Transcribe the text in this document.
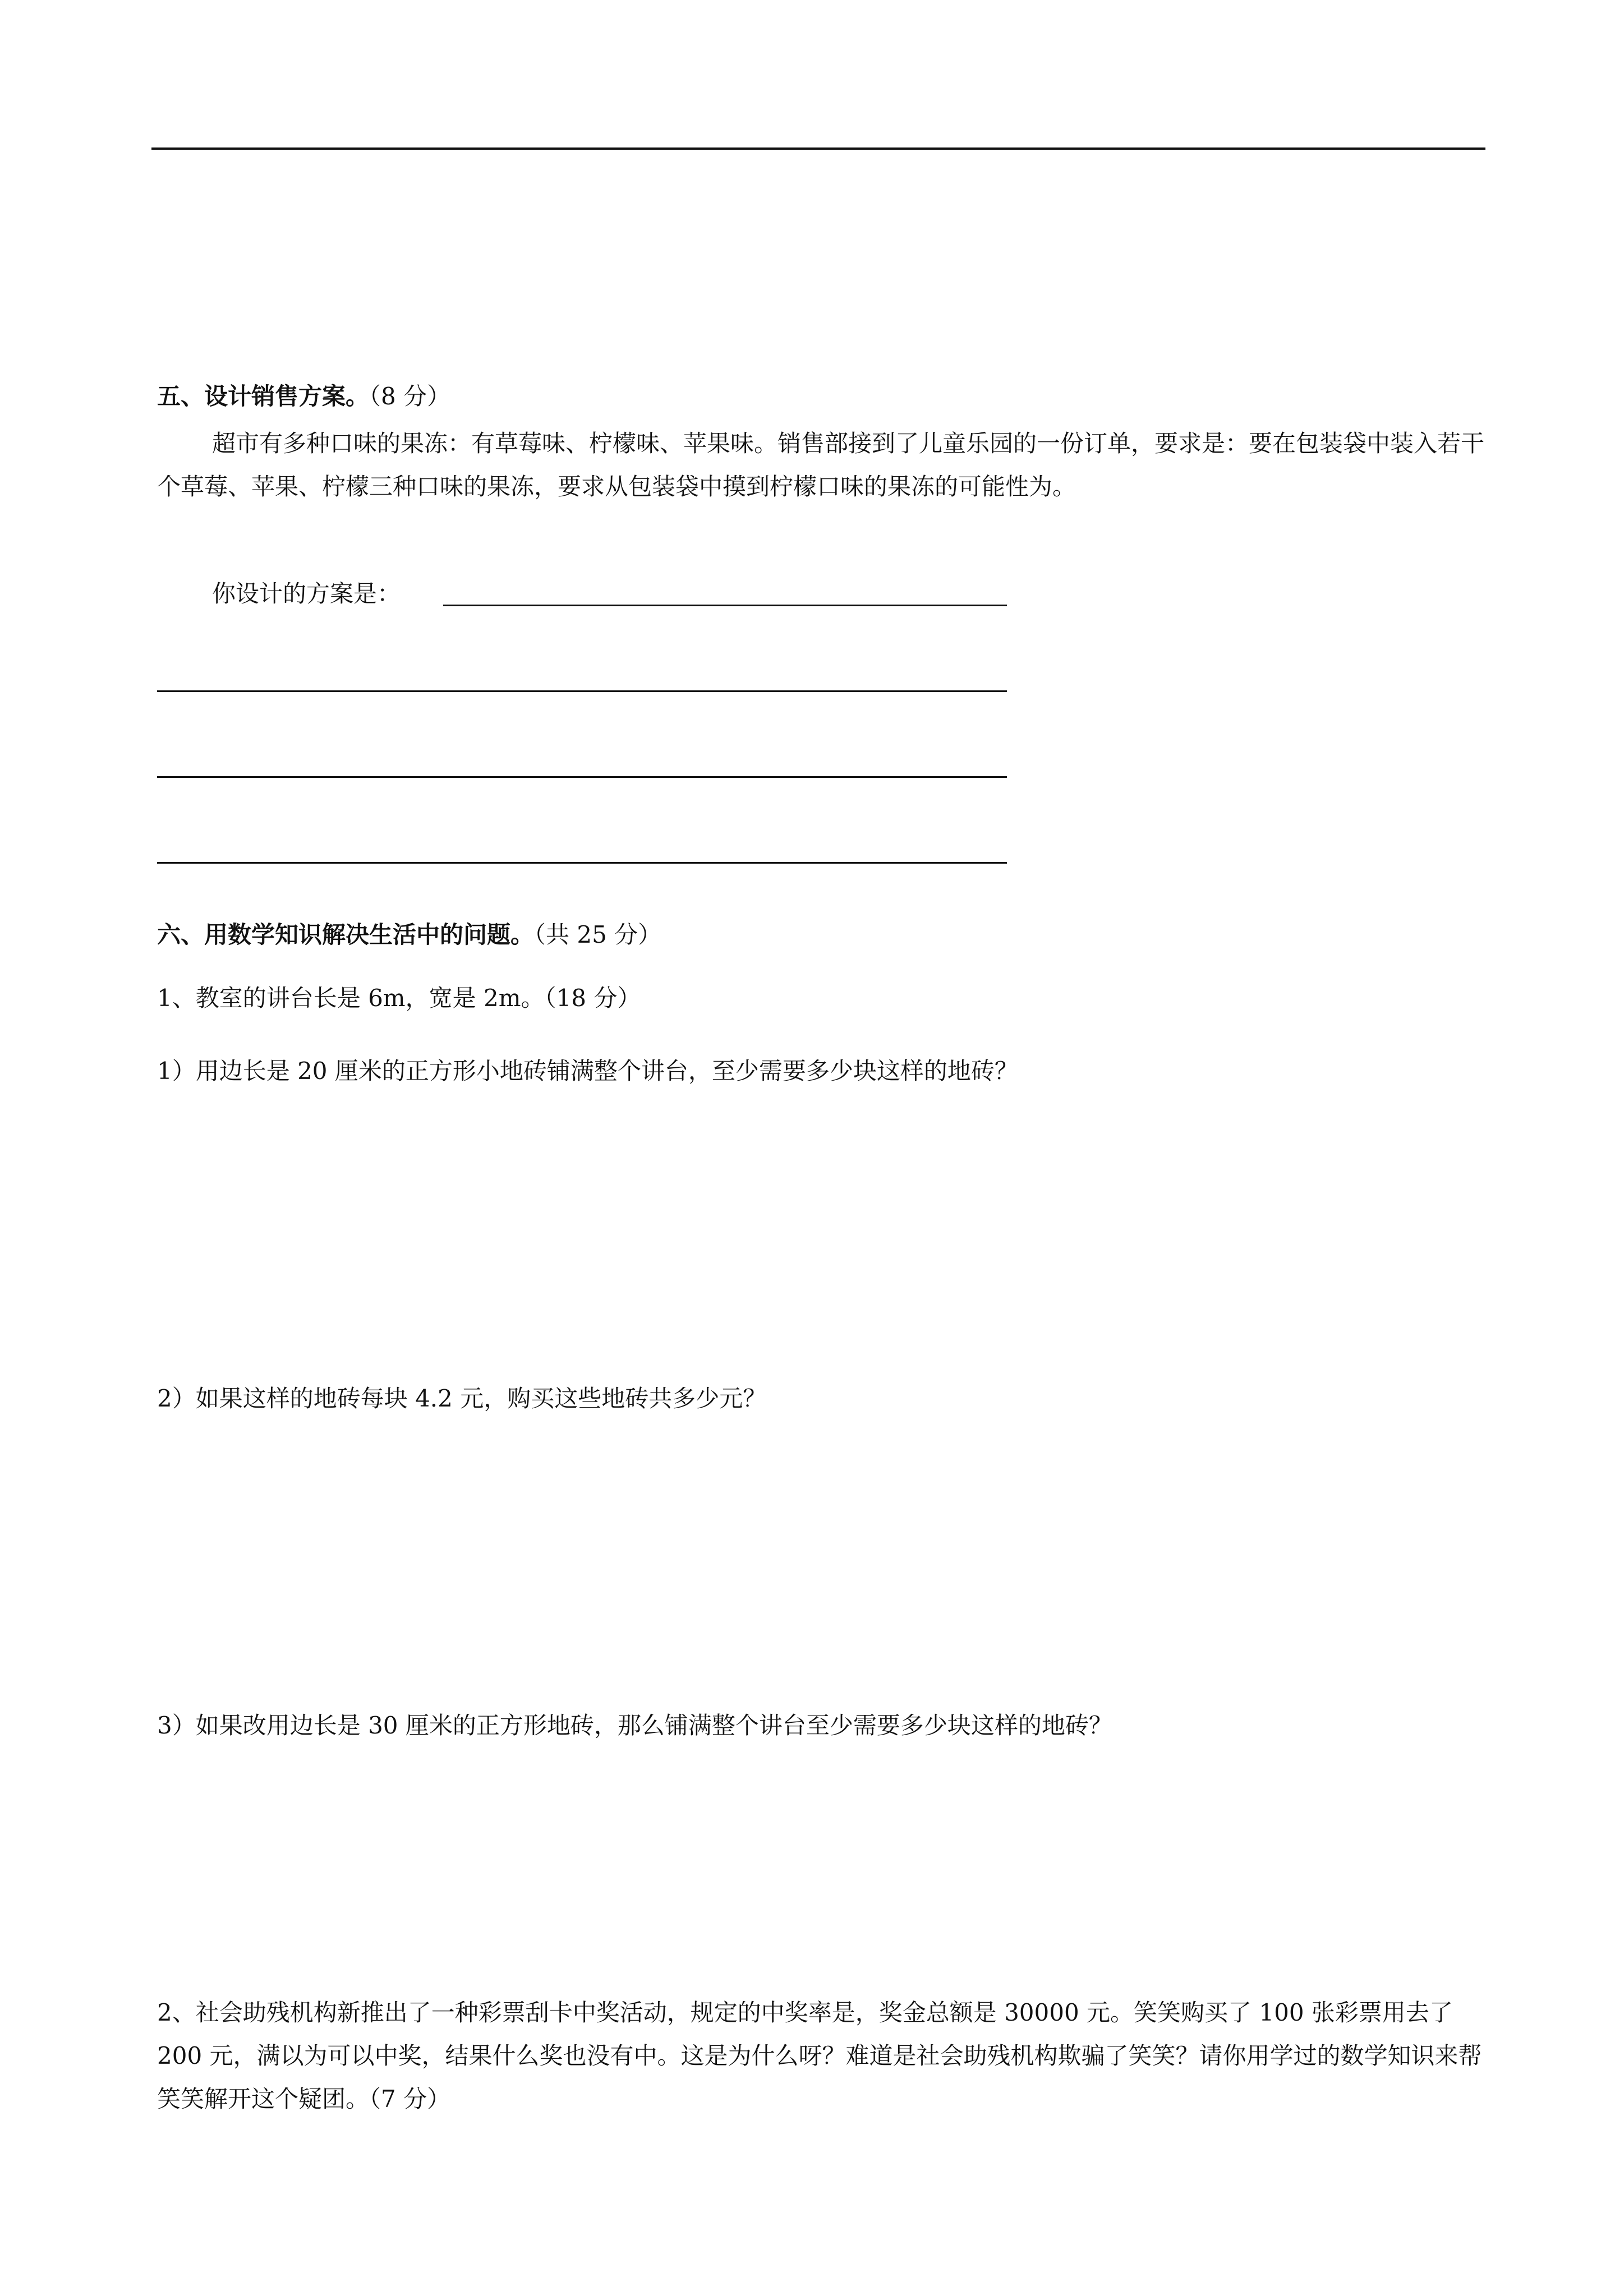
五、设计销售方案。（8 分）
超市有多种口味的果冻：有草莓味、柠檬味、苹果味。销售部接到了儿童乐园的一份订单，要求是：要在包装袋中装入若干个草莓、苹果、柠檬三种口味的果冻，要求从包装袋中摸到柠檬口味的果冻的可能性为。
你设计的方案是：
六、用数学知识解决生活中的问题。（共 25 分）
1、教室的讲台长是 6m，宽是 2m。（18 分）
1）用边长是 20 厘米的正方形小地砖铺满整个讲台，至少需要多少块这样的地砖？
2）如果这样的地砖每块 4.2 元，购买这些地砖共多少元？
3）如果改用边长是 30 厘米的正方形地砖，那么铺满整个讲台至少需要多少块这样的地砖？
2、社会助残机构新推出了一种彩票刮卡中奖活动，规定的中奖率是，奖金总额是 30000 元。笑笑购买了 100 张彩票用去了 200 元，满以为可以中奖，结果什么奖也没有中。这是为什么呀？难道是社会助残机构欺骗了笑笑？请你用学过的数学知识来帮笑笑解开这个疑团。（7 分）
